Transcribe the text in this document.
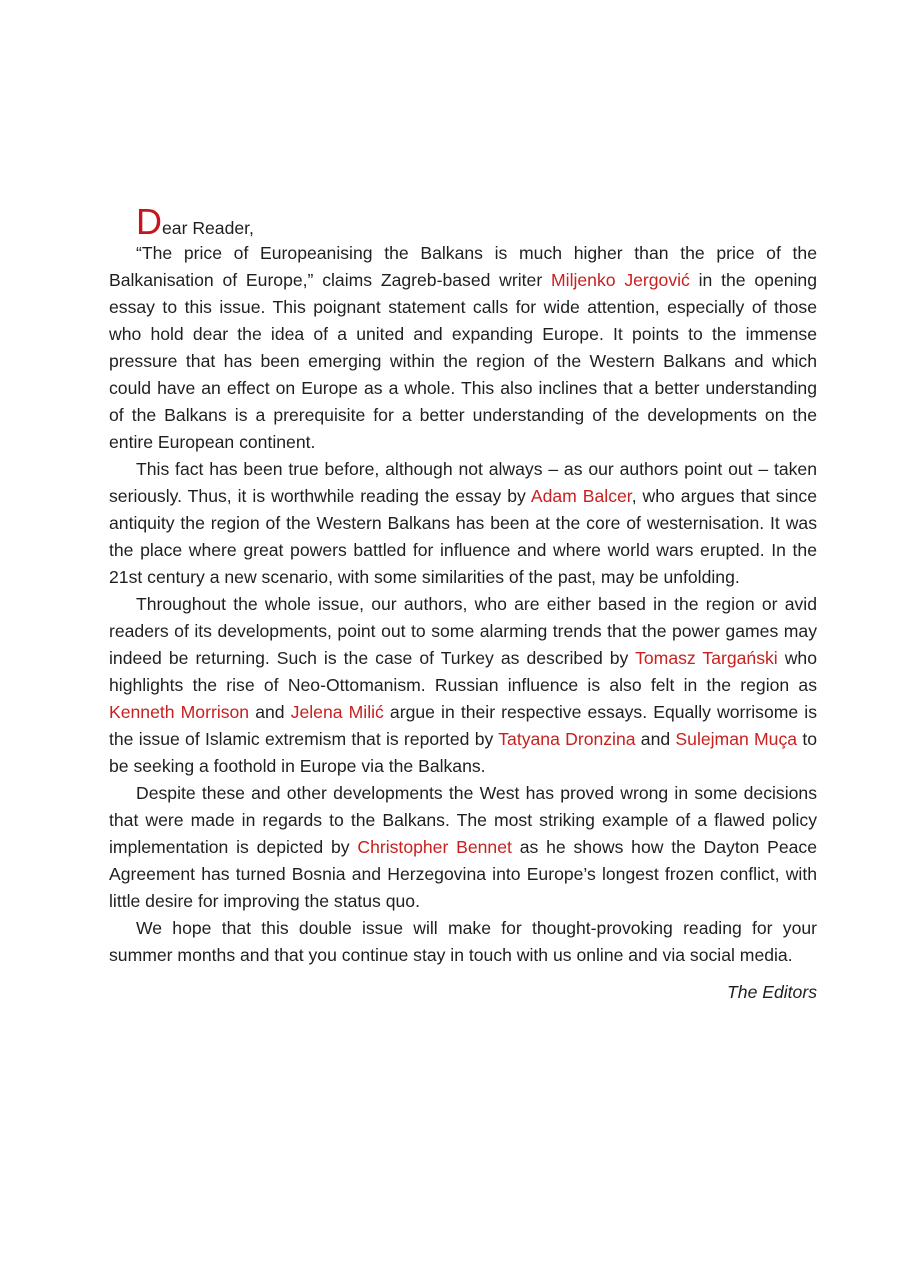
Dear Reader,

“The price of Europeanising the Balkans is much higher than the price of the Balkanisation of Europe,” claims Zagreb-based writer Miljenko Jergović in the opening essay to this issue. This poignant statement calls for wide attention, especially of those who hold dear the idea of a united and expanding Europe. It points to the immense pressure that has been emerging within the region of the Western Balkans and which could have an effect on Europe as a whole. This also inclines that a better understanding of the Balkans is a prerequisite for a better understanding of the developments on the entire European continent.

This fact has been true before, although not always – as our authors point out – taken seriously. Thus, it is worthwhile reading the essay by Adam Balcer, who argues that since antiquity the region of the Western Balkans has been at the core of westernisation. It was the place where great powers battled for influence and where world wars erupted. In the 21st century a new scenario, with some similarities of the past, may be unfolding.

Throughout the whole issue, our authors, who are either based in the region or avid readers of its developments, point out to some alarming trends that the power games may indeed be returning. Such is the case of Turkey as described by Tomasz Targański who highlights the rise of Neo-Ottomanism. Russian influence is also felt in the region as Kenneth Morrison and Jelena Milić argue in their respective essays. Equally worrisome is the issue of Islamic extremism that is reported by Tatyana Dronzina and Sulejman Muça to be seeking a foothold in Europe via the Balkans.

Despite these and other developments the West has proved wrong in some decisions that were made in regards to the Balkans. The most striking example of a flawed policy implementation is depicted by Christopher Bennet as he shows how the Dayton Peace Agreement has turned Bosnia and Herzegovina into Europe’s longest frozen conflict, with little desire for improving the status quo.

We hope that this double issue will make for thought-provoking reading for your summer months and that you continue stay in touch with us online and via social media.

The Editors
